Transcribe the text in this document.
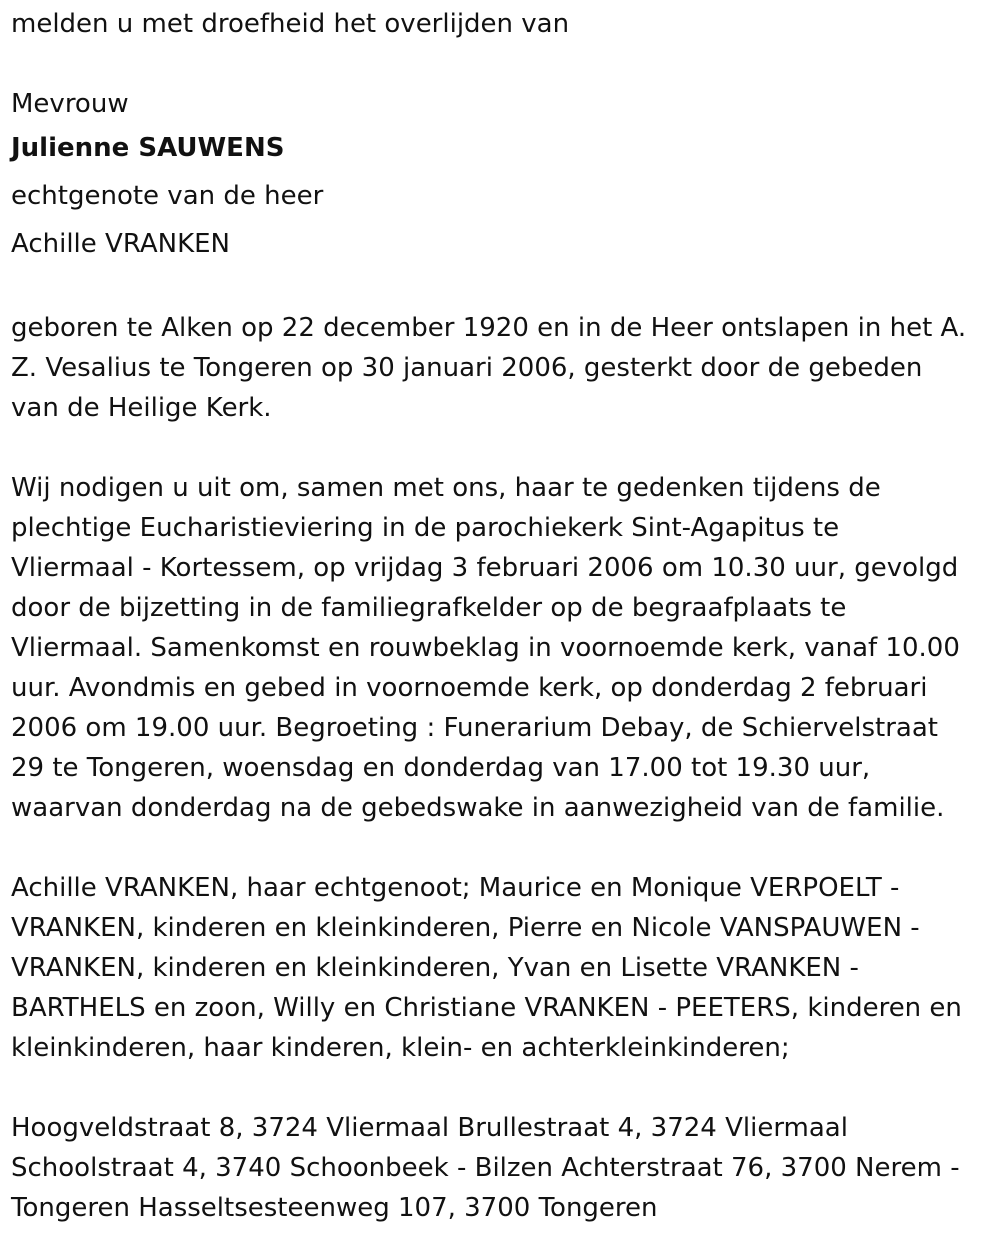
melden u met droefheid het overlijden van
Mevrouw
Julienne SAUWENS
echtgenote van de heer
Achille VRANKEN
geboren te Alken op 22 december 1920 en in de Heer ontslapen in het A.
Z. Vesalius te Tongeren op 30 januari 2006, gesterkt door de gebeden
van de Heilige Kerk.
Wij nodigen u uit om, samen met ons, haar te gedenken tijdens de
plechtige Eucharistieviering in de parochiekerk Sint-Agapitus te
Vliermaal - Kortessem, op vrijdag 3 februari 2006 om 10.30 uur, gevolgd
door de bijzetting in de familiegrafkelder op de begraafplaats te
Vliermaal. Samenkomst en rouwbeklag in voornoemde kerk, vanaf 10.00
uur. Avondmis en gebed in voornoemde kerk, op donderdag 2 februari
2006 om 19.00 uur. Begroeting : Funerarium Debay, de Schiervelstraat
29 te Tongeren, woensdag en donderdag van 17.00 tot 19.30 uur,
waarvan donderdag na de gebedswake in aanwezigheid van de familie.
Achille VRANKEN, haar echtgenoot; Maurice en Monique VERPOELT -
VRANKEN, kinderen en kleinkinderen, Pierre en Nicole VANSPAUWEN -
VRANKEN, kinderen en kleinkinderen, Yvan en Lisette VRANKEN -
BARTHELS en zoon, Willy en Christiane VRANKEN - PEETERS, kinderen en
kleinkinderen, haar kinderen, klein- en achterkleinkinderen;
Hoogveldstraat 8, 3724 Vliermaal Brullestraat 4, 3724 Vliermaal
Schoolstraat 4, 3740 Schoonbeek - Bilzen Achterstraat 76, 3700 Nerem -
Tongeren Hasseltsesteenweg 107, 3700 Tongeren
